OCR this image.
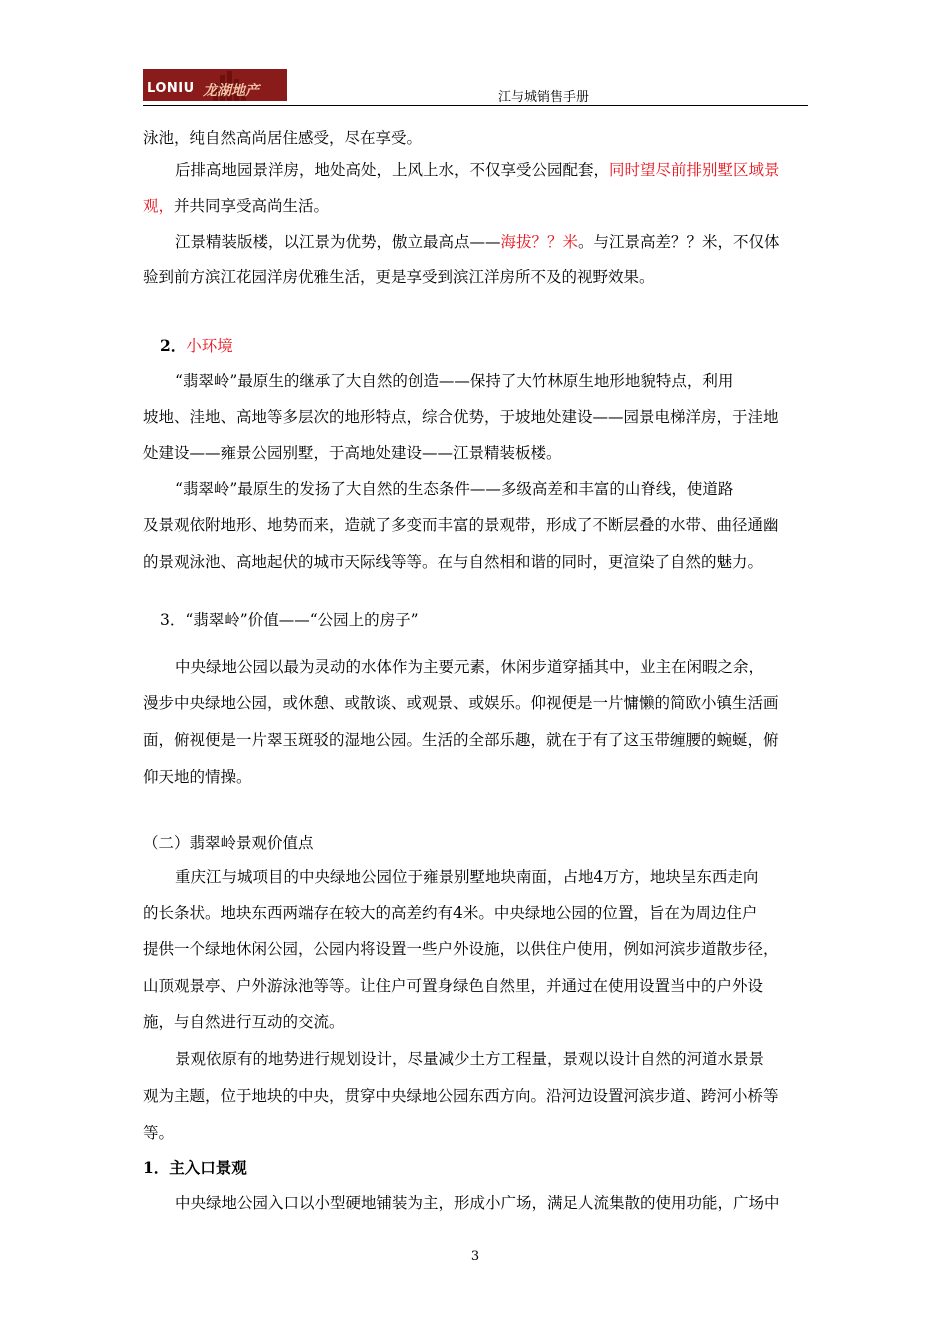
LONIU 龙湖地产	江与城销售手册
泳池，纯自然高尚居住感受，尽在享受。
后排高地园景洋房，地处高处，上风上水，不仅享受公园配套，同时望尽前排别墅区域景
观，并共同享受高尚生活。
江景精装版楼，以江景为优势，傲立最高点——海拔？？米。与江景高差？？米，不仅体
验到前方滨江花园洋房优雅生活，更是享受到滨江洋房所不及的视野效果。
2．小环境
“翡翠岭”最原生的继承了大自然的创造——保持了大竹林原生地形地貌特点，利用
坡地、洼地、高地等多层次的地形特点，综合优势，于坡地处建设——园景电梯洋房，于洼地
处建设——雍景公园别墅，于高地处建设——江景精装板楼。
“翡翠岭”最原生的发扬了大自然的生态条件——多级高差和丰富的山脊线，使道路
及景观依附地形、地势而来，造就了多变而丰富的景观带，形成了不断层叠的水带、曲径通幽
的景观泳池、高地起伏的城市天际线等等。在与自然相和谐的同时，更渲染了自然的魅力。
3．“翡翠岭”价值——“公园上的房子”
中央绿地公园以最为灵动的水体作为主要元素，休闲步道穿插其中，业主在闲暇之余，
漫步中央绿地公园，或休憩、或散谈、或观景、或娱乐。仰视便是一片慵懒的简欧小镇生活画
面，俯视便是一片翠玉斑驳的湿地公园。生活的全部乐趣，就在于有了这玉带缠腰的蜿蜒，俯
仰天地的情操。
（二）翡翠岭景观价值点
重庆江与城项目的中央绿地公园位于雍景别墅地块南面，占地4万方，地块呈东西走向
的长条状。地块东西两端存在较大的高差约有4米。中央绿地公园的位置，旨在为周边住户
提供一个绿地休闲公园，公园内将设置一些户外设施，以供住户使用，例如河滨步道散步径，
山顶观景亭、户外游泳池等等。让住户可置身绿色自然里，并通过在使用设置当中的户外设
施，与自然进行互动的交流。
景观依原有的地势进行规划设计，尽量减少土方工程量，景观以设计自然的河道水景景
观为主题，位于地块的中央，贯穿中央绿地公园东西方向。沿河边设置河滨步道、跨河小桥等
等。
1．主入口景观
中央绿地公园入口以小型硬地铺装为主，形成小广场，满足人流集散的使用功能，广场中
3
